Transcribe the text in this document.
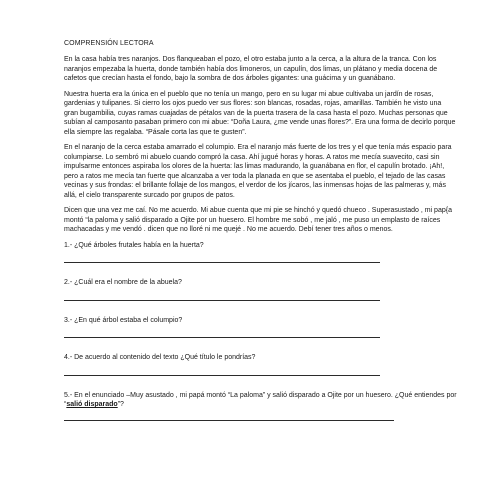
COMPRENSIÓN LECTORA

En la casa había tres naranjos. Dos flanqueaban el pozo, el otro estaba junto a la cerca, a la altura de la tranca. Con los naranjos empezaba la huerta, donde también había dos limoneros, un capulín, dos limas, un plátano y media docena de cafetos que crecían hasta el fondo, bajo la sombra de dos árboles gigantes: una guácima y un guanábano.

Nuestra huerta era la única en el pueblo que no tenía un mango, pero en su lugar mi abue cultivaba un jardín de rosas, gardenias y tulipanes. Si cierro los ojos puedo ver sus flores: son blancas, rosadas, rojas, amarillas. También he visto una gran bugambilia, cuyas ramas cuajadas de pétalos van de la puerta trasera de la casa hasta el pozo. Muchas personas que subían al camposanto pasaban primero con mi abue: “Doña Laura, ¿me vende unas flores?”. Era una forma de decirlo porque ella siempre las regalaba. “Pásale corta las que te gusten”.

En el naranjo de la cerca estaba amarrado el columpio. Era el naranjo más fuerte de los tres y el que tenía más espacio para columpiarse. Lo sembró mi abuelo cuando compró la casa. Ahí jugué horas y horas. A ratos me mecía suavecito, casi sin impulsarme entonces aspiraba los olores de la huerta: las limas madurando, la guanábana en flor, el capulín brotado. ¡Ah!, pero a ratos me mecía tan fuerte que alcanzaba a ver toda la planada en que se asentaba el pueblo, el tejado de las casas vecinas y sus frondas: el brillante follaje de los mangos, el verdor de los jícaros, las inmensas hojas de las palmeras y, más allá, el cielo transparente surcado por grupos de patos.

Dicen que una vez me caí. No me acuerdo. Mi abue cuenta que mi pie se hinchó y quedó chueco . Superasustado , mi pap{a montó “la paloma y salió disparado a Ojite por un huesero. El hombre me sobó , me jaló , me puso un emplasto de raíces machacadas y me vendó . dicen que no lloré ni me quejé . No me acuerdo. Debí tener tres años o menos.

1.- ¿Qué árboles frutales había en la huerta?

2.- ¿Cuál era el nombre de la abuela?

3.- ¿En qué árbol estaba el columpio?

4.- De acuerdo al contenido del texto ¿Qué título le pondrías?

5.- En el enunciado –Muy asustado , mi papá montó “La paloma” y salió disparado a Ojite por un huesero. ¿Qué entiendes por “salió disparado”?
